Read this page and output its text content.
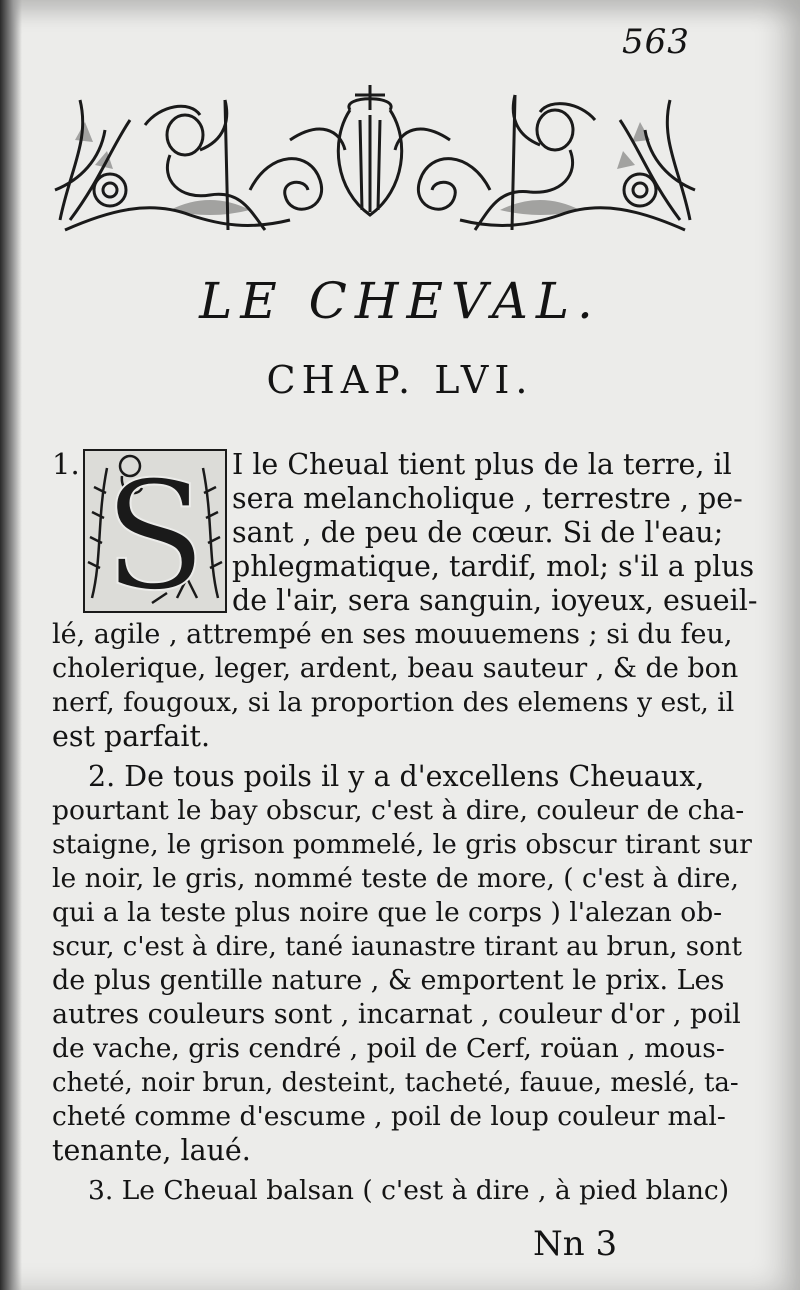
563
LE CHEVAL.
CHAP. LVI.
1. S I le Cheual tient plus de la terre, il
sera melancholique , terrestre , pe-
sant , de peu de cœur. Si de l'eau;
phlegmatique, tardif, mol; s'il a plus
de l'air, sera sanguin, ioyeux, esueil-
lé, agile , attrempé en ses mouuemens ; si du feu,
cholerique, leger, ardent, beau sauteur , & de bon
nerf, fougoux, si la proportion des elemens y est, il
est parfait.
2. De tous poils il y a d'excellens Cheuaux,
pourtant le bay obscur, c'est à dire, couleur de cha-
staigne, le grison pommelé, le gris obscur tirant sur
le noir, le gris, nommé teste de more, ( c'est à dire,
qui a la teste plus noire que le corps ) l'alezan ob-
scur, c'est à dire, tané iaunastre tirant au brun, sont
de plus gentille nature , & emportent le prix. Les
autres couleurs sont , incarnat , couleur d'or , poil
de vache, gris cendré , poil de Cerf, roüan , mous-
cheté, noir brun, desteint, tacheté, fauue, meslé, ta-
cheté comme d'escume , poil de loup couleur mal-
tenante, laué.
3. Le Cheual balsan ( c'est à dire , à pied blanc)
Nn 3
